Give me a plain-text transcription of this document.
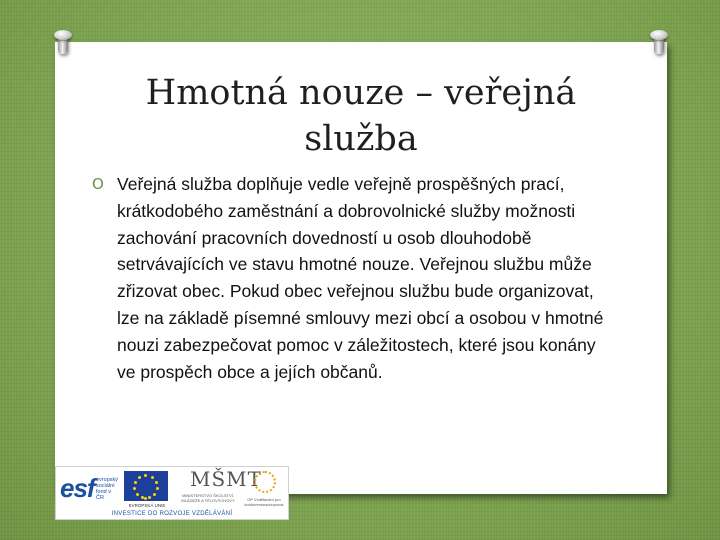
Hmotná nouze – veřejná
služba
O Veřejná služba doplňuje vedle veřejně prospěšných prací, krátkodobého zaměstnání a dobrovolnické služby možnosti zachování pracovních dovedností u osob dlouhodobě setrvávajících ve stavu hmotné nouze. Veřejnou službu může zřizovat obec. Pokud obec veřejnou službu bude organizovat, lze na základě písemné smlouvy mezi obcí a osobou v hmotné nouzi zabezpečovat pomoc v záležitostech, které jsou konány ve prospěch obce a jejích občanů.

esf evropský sociální fond v ČR
EVROPSKÁ UNIE
MŠMT
MINISTERSTVO ŠKOLSTVÍ, MLÁDEŽE A TĚLOVÝCHOVY	OP Vzdělávání pro konkurenceschopnost
INVESTICE DO ROZVOJE VZDĚLÁVÁNÍ
